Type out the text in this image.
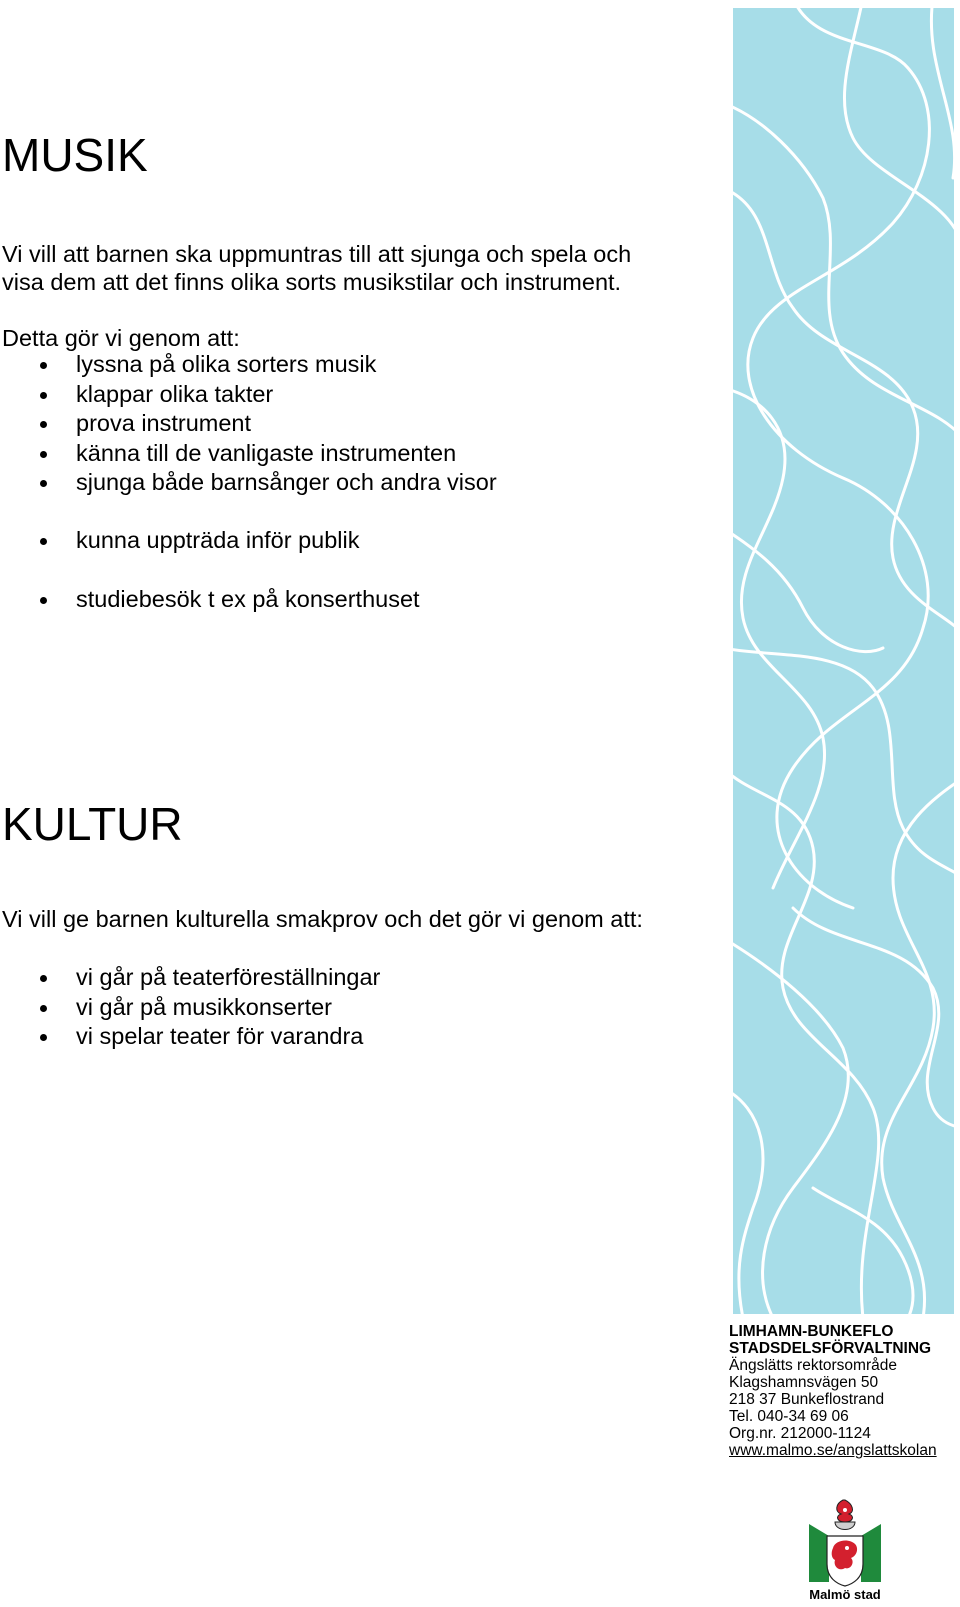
MUSIK

Vi vill att barnen ska uppmuntras till att sjunga och spela och
visa dem att det finns olika sorts musikstilar och instrument.

Detta gör vi genom att:

lyssna på olika sorters musik
klappar olika takter
prova instrument
känna till de vanligaste instrumenten
sjunga både barnsånger och andra visor
kunna uppträda inför publik
studiebesök t ex på konserthuset
KULTUR

Vi vill ge barnen kulturella smakprov och det gör vi genom att:

vi går på teaterföreställningar
vi går på musikkonserter
vi spelar teater för varandra
LIMHAMN-BUNKEFLO
STADSDELSFÖRVALTNING
Ängslätts rektorsområde
Klagshamnsvägen 50
218 37 Bunkeflostrand
Tel. 040-34 69 06
Org.nr. 212000-1124
www.malmo.se/angslattskolan
Malmö stad
